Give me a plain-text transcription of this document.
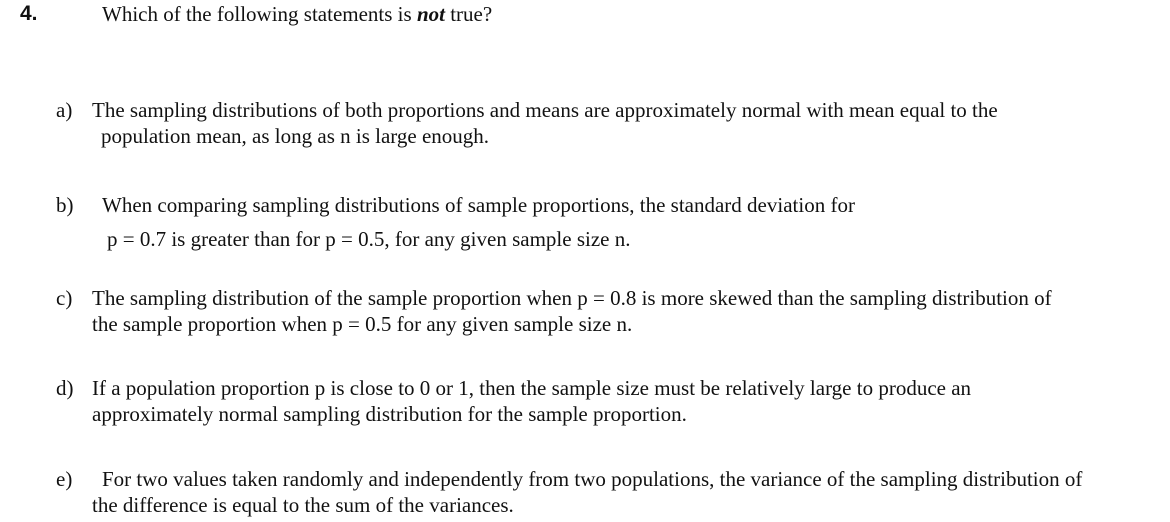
4.	Which of the following statements is not true?
a) The sampling distributions of both proportions and means are approximately normal with mean equal to the
population mean, as long as n is large enough.
b) When comparing sampling distributions of sample proportions, the standard deviation for
p = 0.7 is greater than for p = 0.5, for any given sample size n.
c) The sampling distribution of the sample proportion when p = 0.8 is more skewed than the sampling distribution of
the sample proportion when p = 0.5 for any given sample size n.
d) If a population proportion p is close to 0 or 1, then the sample size must be relatively large to produce an
approximately normal sampling distribution for the sample proportion.
e)	For two values taken randomly and independently from two populations, the variance of the sampling distribution of
the difference is equal to the sum of the variances.
